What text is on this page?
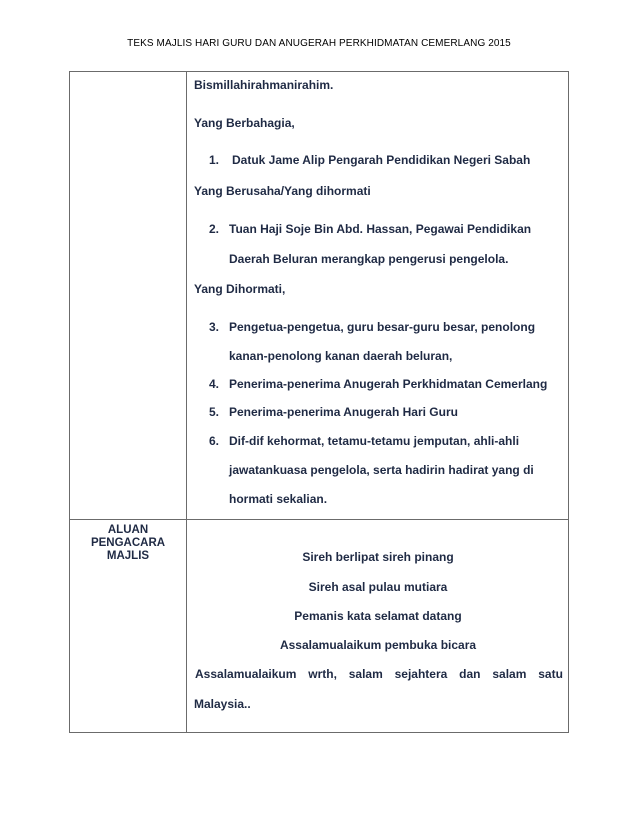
TEKS MAJLIS HARI GURU DAN ANUGERAH PERKHIDMATAN CEMERLANG 2015
Bismillahirahmanirahim.
Yang Berbahagia,
1. Datuk Jame Alip Pengarah Pendidikan Negeri Sabah
Yang Berusaha/Yang dihormati
2. Tuan Haji Soje Bin Abd. Hassan, Pegawai Pendidikan
Daerah Beluran merangkap pengerusi pengelola.
Yang Dihormati,
3. Pengetua-pengetua, guru besar-guru besar, penolong
kanan-penolong kanan daerah beluran,
4. Penerima-penerima Anugerah Perkhidmatan Cemerlang
5. Penerima-penerima Anugerah Hari Guru
6. Dif-dif kehormat, tetamu-tetamu jemputan, ahli-ahli
jawatankuasa pengelola, serta hadirin hadirat yang di
hormati sekalian.
ALUAN
PENGACARA
MAJLIS	Sireh berlipat sireh pinang
Sireh asal pulau mutiara
Pemanis kata selamat datang
Assalamualaikum pembuka bicara
Assalamualaikum wrth, salam sejahtera dan salam satu
Malaysia..
